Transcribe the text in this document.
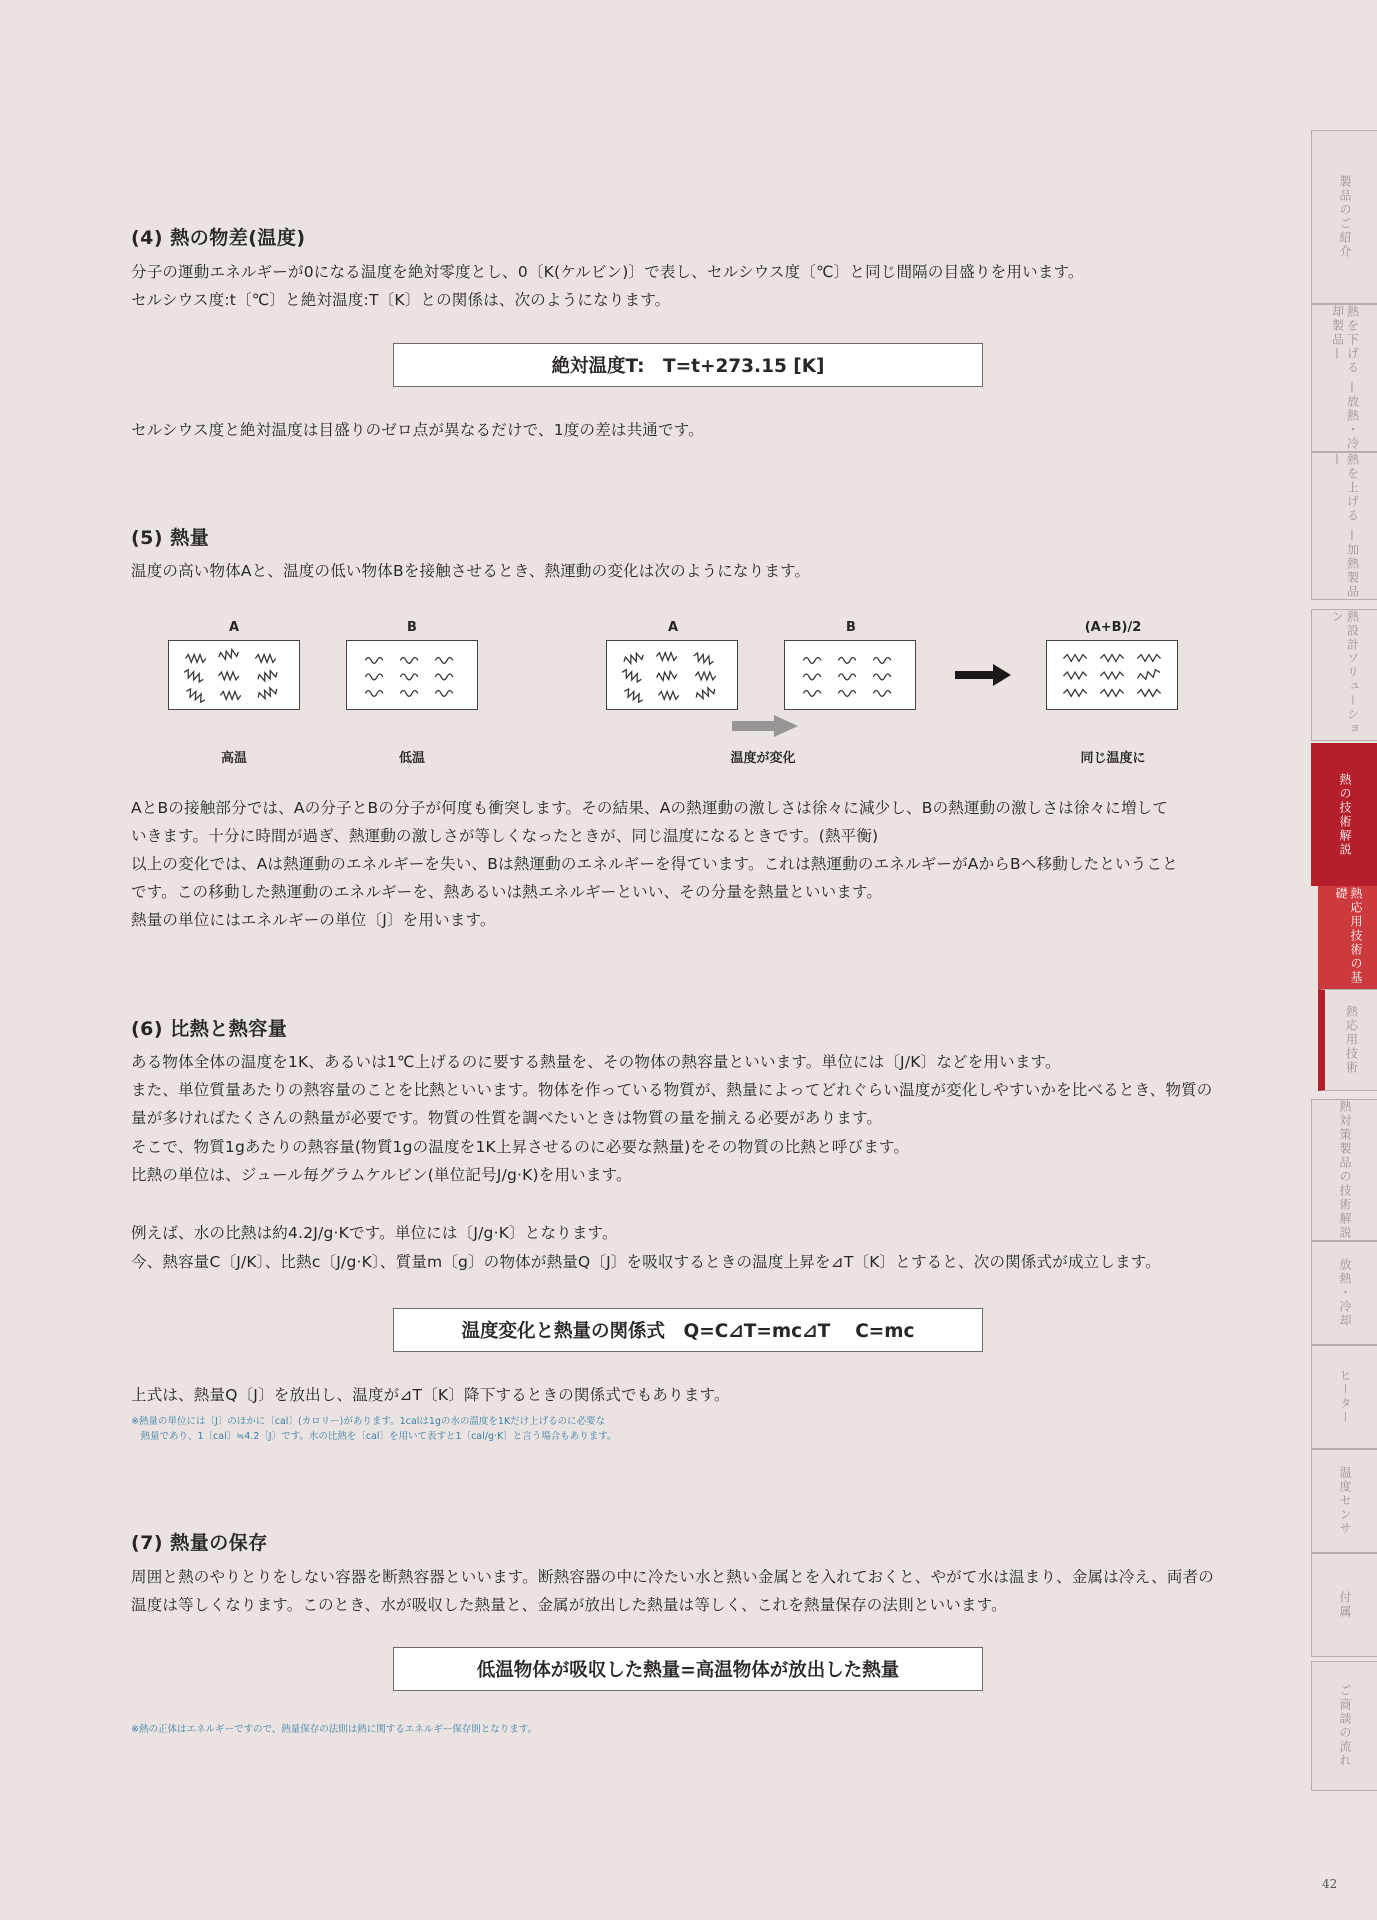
(4) 熱の物差(温度)
分子の運動エネルギーが0になる温度を絶対零度とし、0〔K(ケルビン)〕で表し、セルシウス度〔℃〕と同じ間隔の目盛りを用います。
セルシウス度:t〔℃〕と絶対温度:T〔K〕との関係は、次のようになります。
絶対温度T:　T=t+273.15 [K]
セルシウス度と絶対温度は目盛りのゼロ点が異なるだけで、1度の差は共通です。
(5) 熱量
温度の高い物体Aと、温度の低い物体Bを接触させるとき、熱運動の変化は次のようになります。
A	B	A	B	(A+B)/2
高温	低温	温度が変化	同じ温度に
AとBの接触部分では、Aの分子とBの分子が何度も衝突します。その結果、Aの熱運動の激しさは徐々に減少し、Bの熱運動の激しさは徐々に増して
いきます。十分に時間が過ぎ、熱運動の激しさが等しくなったときが、同じ温度になるときです。(熱平衡)
以上の変化では、Aは熱運動のエネルギーを失い、Bは熱運動のエネルギーを得ています。これは熱運動のエネルギーがAからBへ移動したということ
です。この移動した熱運動のエネルギーを、熱あるいは熱エネルギーといい、その分量を熱量といいます。
熱量の単位にはエネルギーの単位〔J〕を用います。
(6) 比熱と熱容量
ある物体全体の温度を1K、あるいは1℃上げるのに要する熱量を、その物体の熱容量といいます。単位には〔J/K〕などを用います。
また、単位質量あたりの熱容量のことを比熱といいます。物体を作っている物質が、熱量によってどれぐらい温度が変化しやすいかを比べるとき、物質の
量が多ければたくさんの熱量が必要です。物質の性質を調べたいときは物質の量を揃える必要があります。
そこで、物質1gあたりの熱容量(物質1gの温度を1K上昇させるのに必要な熱量)をその物質の比熱と呼びます。
比熱の単位は、ジュール毎グラムケルビン(単位記号J/g·K)を用います。
例えば、水の比熱は約4.2J/g·Kです。単位には〔J/g·K〕となります。
今、熱容量C〔J/K〕、比熱c〔J/g·K〕、質量m〔g〕の物体が熱量Q〔J〕を吸収するときの温度上昇を⊿T〔K〕とすると、次の関係式が成立します。
温度変化と熱量の関係式　Q=C⊿T=mc⊿T　 C=mc
上式は、熱量Q〔J〕を放出し、温度が⊿T〔K〕降下するときの関係式でもあります。
※熱量の単位には〔J〕のほかに〔cal〕(カロリー)があります。1calは1gの水の温度を1Kだけ上げるのに必要な
　熱量であり、1〔cal〕≒4.2〔J〕です。水の比熱を〔cal〕を用いて表すと1〔cal/g·K〕と言う場合もあります。
(7) 熱量の保存
周囲と熱のやりとりをしない容器を断熱容器といいます。断熱容器の中に冷たい水と熱い金属とを入れておくと、やがて水は温まり、金属は冷え、両者の
温度は等しくなります。このとき、水が吸収した熱量と、金属が放出した熱量は等しく、これを熱量保存の法則といいます。
低温物体が吸収した熱量=高温物体が放出した熱量
※熱の正体はエネルギーですので、熱量保存の法則は熱に関するエネルギー保存則となります。
製品のご紹介
熱を下げる —放熱・冷却製品—
熱を上げる —加熱製品—
熱設計ソリューション
熱の技術解説
熱応用技術の基礎
熱応用技術
熱対策製品の技術解説
放熱・冷却
ヒーター
温度センサ
付属
ご商談の流れ
42
